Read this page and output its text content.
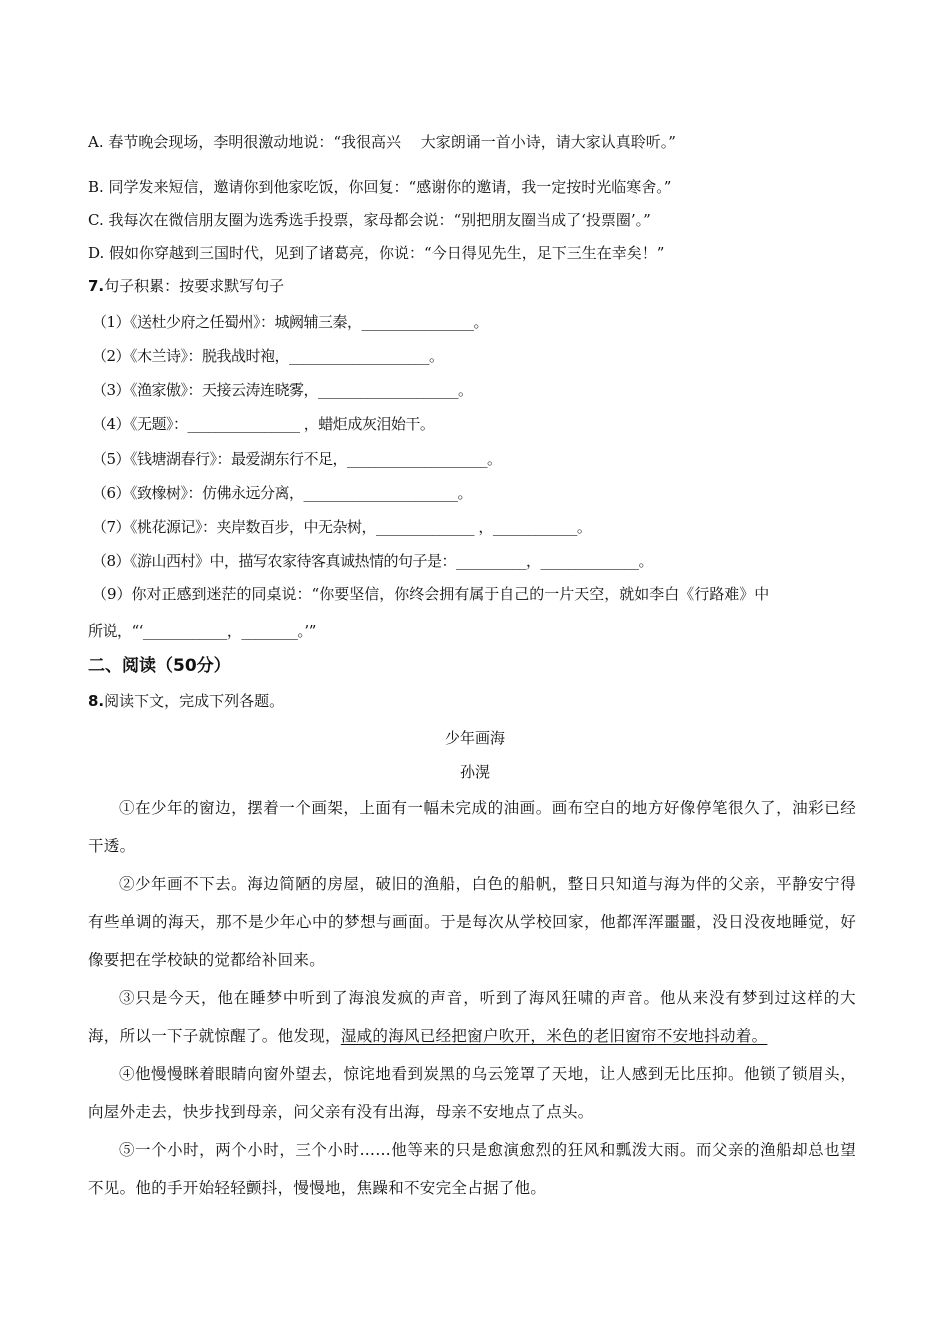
A. 春节晚会现场，李明很激动地说：“我很高兴　 大家朗诵一首小诗，请大家认真聆听。”
B. 同学发来短信，邀请你到他家吃饭，你回复：“感谢你的邀请，我一定按时光临寒舍。”
C. 我每次在微信朋友圈为选秀选手投票，家母都会说：“别把朋友圈当成了‘投票圈’。”
D. 假如你穿越到三国时代，见到了诸葛亮，你说：“今日得见先生，足下三生在幸矣！”
7.句子积累：按要求默写句子
（1）《送杜少府之任蜀州》：城阙辅三秦，________________。
（2）《木兰诗》：脱我战时袍，____________________。
（3）《渔家傲》：天接云涛连晓雾，____________________。
（4）《无题》：________________ ，蜡炬成灰泪始干。
（5）《钱塘湖春行》：最爱湖东行不足，____________________。
（6）《致橡树》：仿佛永远分离，______________________。
（7）《桃花源记》：夹岸数百步，中无杂树，______________ ，____________。
（8）《游山西村》中，描写农家待客真诚热情的句子是：__________，______________。
（9）你对正感到迷茫的同桌说：“你要坚信，你终会拥有属于自己的一片天空，就如李白《行路难》中
所说，“‘____________，________。’”
二、阅读（50分）
8.阅读下文，完成下列各题。
少年画海
孙滉
①在少年的窗边，摆着一个画架，上面有一幅未完成的油画。画布空白的地方好像停笔很久了，油彩已经干透。
②少年画不下去。海边简陋的房屋，破旧的渔船，白色的船帆，整日只知道与海为伴的父亲，平静安宁得有些单调的海天，那不是少年心中的梦想与画面。于是每次从学校回家，他都浑浑噩噩，没日没夜地睡觉，好像要把在学校缺的觉都给补回来。
③只是今天，他在睡梦中听到了海浪发疯的声音，听到了海风狂啸的声音。他从来没有梦到过这样的大海，所以一下子就惊醒了。他发现，湿咸的海风已经把窗户吹开，米色的老旧窗帘不安地抖动着。
④他慢慢眯着眼睛向窗外望去，惊诧地看到炭黑的乌云笼罩了天地，让人感到无比压抑。他锁了锁眉头，向屋外走去，快步找到母亲，问父亲有没有出海，母亲不安地点了点头。
⑤一个小时，两个小时，三个小时……他等来的只是愈演愈烈的狂风和瓢泼大雨。而父亲的渔船却总也望不见。他的手开始轻轻颤抖，慢慢地，焦躁和不安完全占据了他。
